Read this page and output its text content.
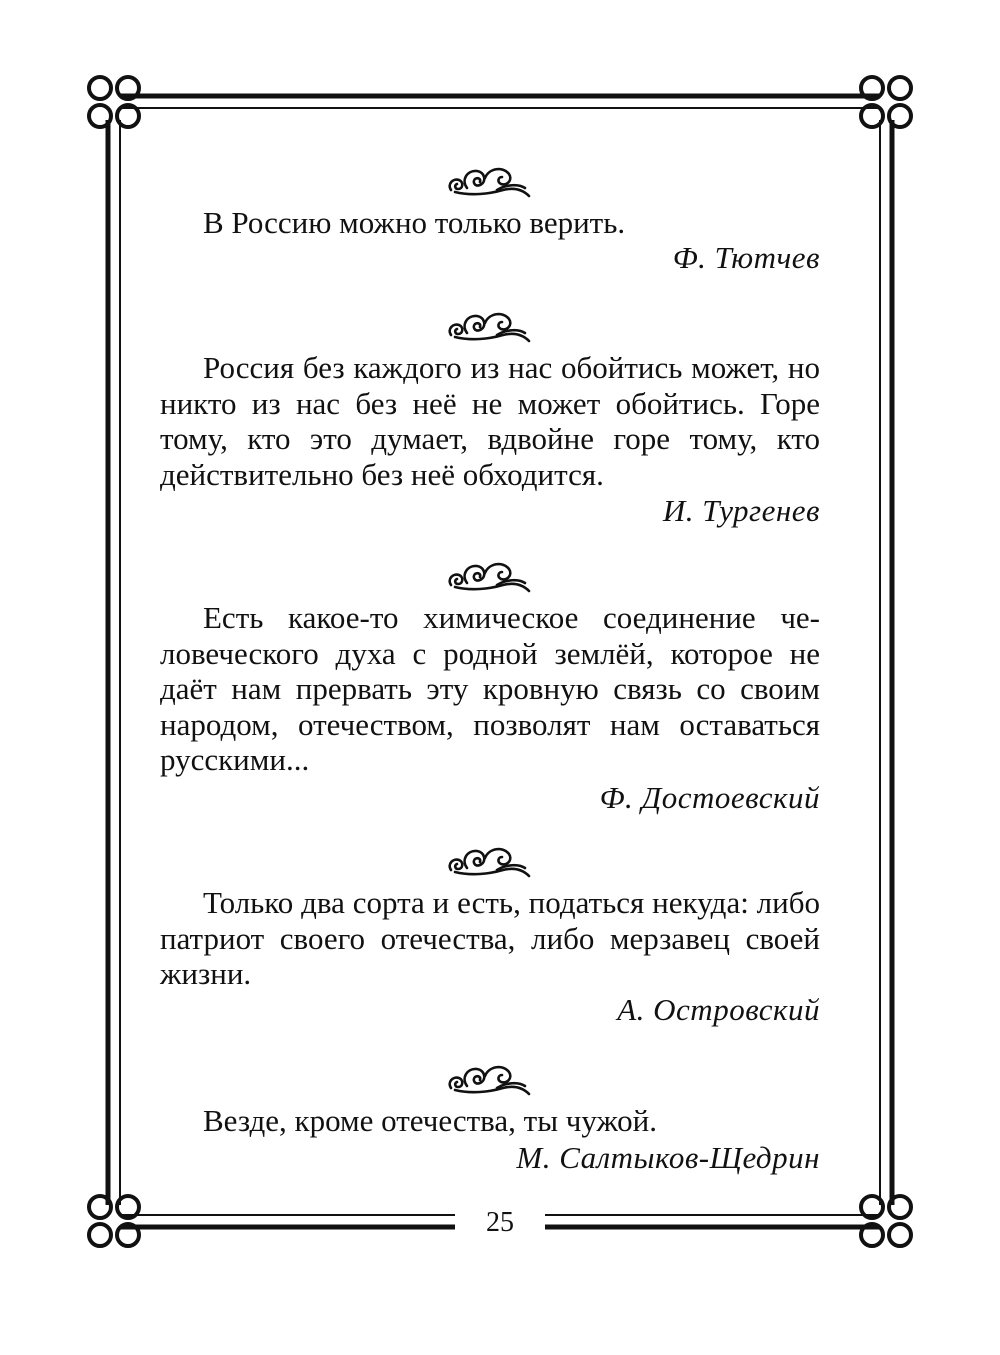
В Россию можно только верить.

Ф. Тютчев

Россия без каждого из нас обойтись может, но никто из нас без неё не может обойтись. Горе тому, кто это думает, вдвойне горе тому, кто действительно без неё обходится.

И. Тургенев

Есть какое-то химическое соединение человеческого духа с родной землёй, которое не даёт нам прервать эту кровную связь со своим народом, отечеством, позволят нам оставаться русскими...

Ф. Достоевский

Только два сорта и есть, податься некуда: либо патриот своего отечества, либо мерзавец своей жизни.

А. Островский

Везде, кроме отечества, ты чужой.

М. Салтыков-Щедрин

25
